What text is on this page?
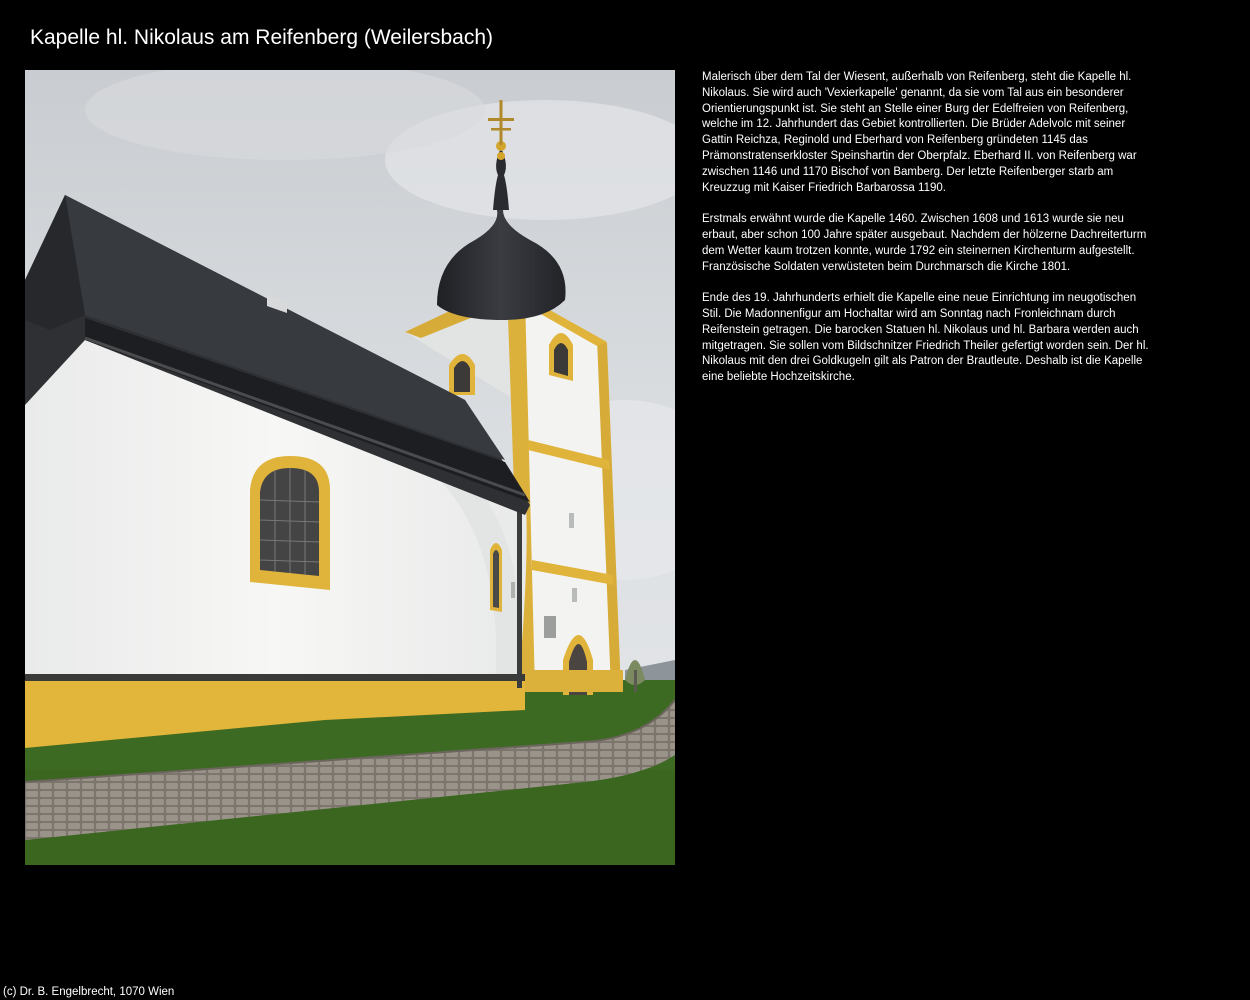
Kapelle hl. Nikolaus am Reifenberg (Weilersbach)

Malerisch über dem Tal der Wiesent, außerhalb von Reifenberg, steht die Kapelle hl. Nikolaus. Sie wird auch 'Vexierkapelle' genannt, da sie vom Tal aus ein besonderer Orientierungspunkt ist. Sie steht an Stelle einer Burg der Edelfreien von Reifenberg, welche im 12. Jahrhundert das Gebiet kontrollierten. Die Brüder Adelvolc mit seiner Gattin Reichza, Reginold und Eberhard von Reifenberg gründeten 1145 das Prämonstratenserkloster Speinshartin der Oberpfalz. Eberhard II. von Reifenberg war zwischen 1146 und 1170 Bischof von Bamberg. Der letzte Reifenberger starb am Kreuzzug mit Kaiser Friedrich Barbarossa 1190.

Erstmals erwähnt wurde die Kapelle 1460. Zwischen 1608 und 1613 wurde sie neu erbaut, aber schon 100 Jahre später ausgebaut. Nachdem der hölzerne Dachreiterturm dem Wetter kaum trotzen konnte, wurde 1792 ein steinernen Kirchenturm aufgestellt. Französische Soldaten verwüsteten beim Durchmarsch die Kirche 1801.

Ende des 19. Jahrhunderts erhielt die Kapelle eine neue Einrichtung im neugotischen Stil. Die Madonnenfigur am Hochaltar wird am Sonntag nach Fronleichnam durch Reifenstein getragen. Die barocken Statuen hl. Nikolaus und hl. Barbara werden auch mitgetragen. Sie sollen vom Bildschnitzer Friedrich Theiler gefertigt worden sein. Der hl. Nikolaus mit den drei Goldkugeln gilt als Patron der Brautleute. Deshalb ist die Kapelle eine beliebte Hochzeitskirche.

(c) Dr. B. Engelbrecht, 1070 Wien
